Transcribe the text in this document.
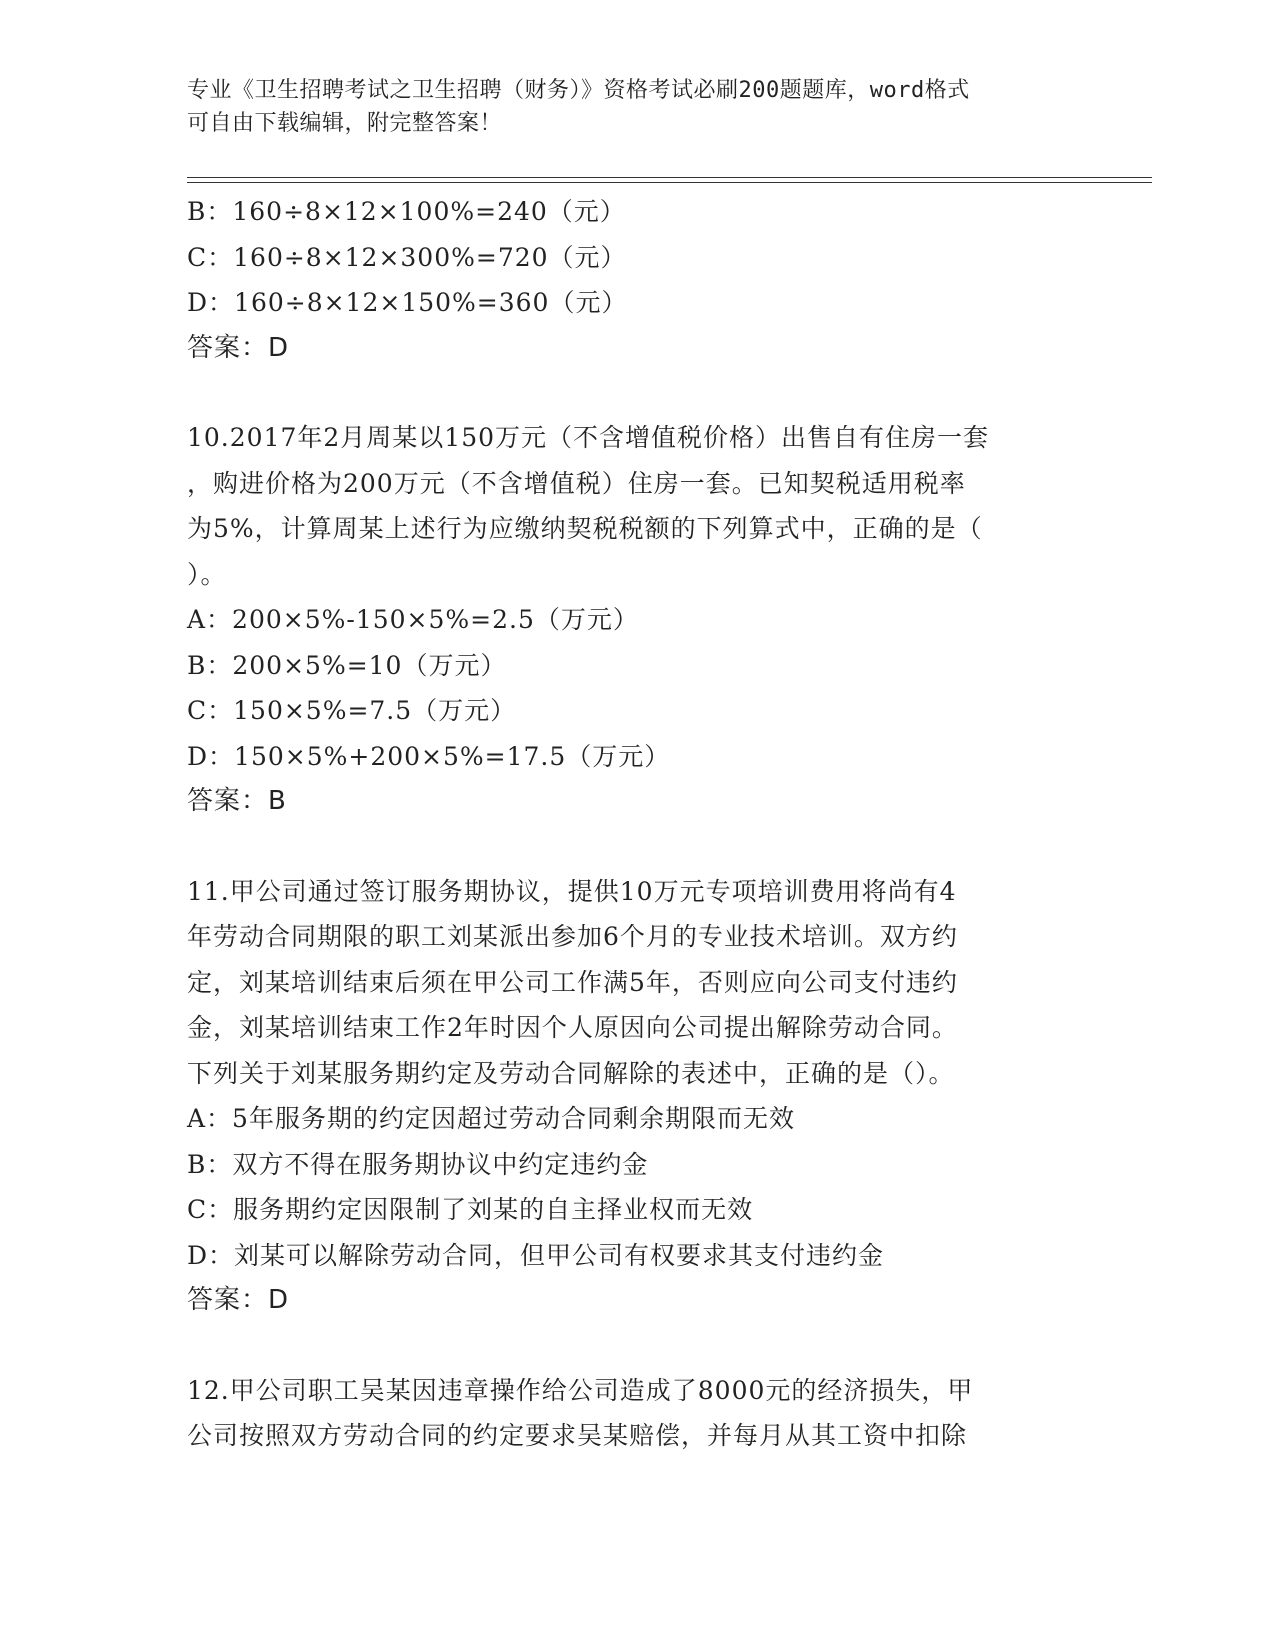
专业《卫生招聘考试之卫生招聘（财务）》资格考试必刷200题题库，word格式
可自由下载编辑，附完整答案！
B：160÷8×12×100%=240（元）
C：160÷8×12×300%=720（元）
D：160÷8×12×150%=360（元）
答案：D
10.2017年2月周某以150万元（不含增值税价格）出售自有住房一套
，购进价格为200万元（不含增值税）住房一套。已知契税适用税率
为5%，计算周某上述行为应缴纳契税税额的下列算式中，正确的是（
）。
A：200×5%-150×5%=2.5（万元）
B：200×5%=10（万元）
C：150×5%=7.5（万元）
D：150×5%+200×5%=17.5（万元）
答案：B
11.甲公司通过签订服务期协议，提供10万元专项培训费用将尚有4
年劳动合同期限的职工刘某派出参加6个月的专业技术培训。双方约
定，刘某培训结束后须在甲公司工作满5年，否则应向公司支付违约
金，刘某培训结束工作2年时因个人原因向公司提出解除劳动合同。
下列关于刘某服务期约定及劳动合同解除的表述中，正确的是（）。
A：5年服务期的约定因超过劳动合同剩余期限而无效
B：双方不得在服务期协议中约定违约金
C：服务期约定因限制了刘某的自主择业权而无效
D：刘某可以解除劳动合同，但甲公司有权要求其支付违约金
答案：D
12.甲公司职工吴某因违章操作给公司造成了8000元的经济损失，甲
公司按照双方劳动合同的约定要求吴某赔偿，并每月从其工资中扣除
